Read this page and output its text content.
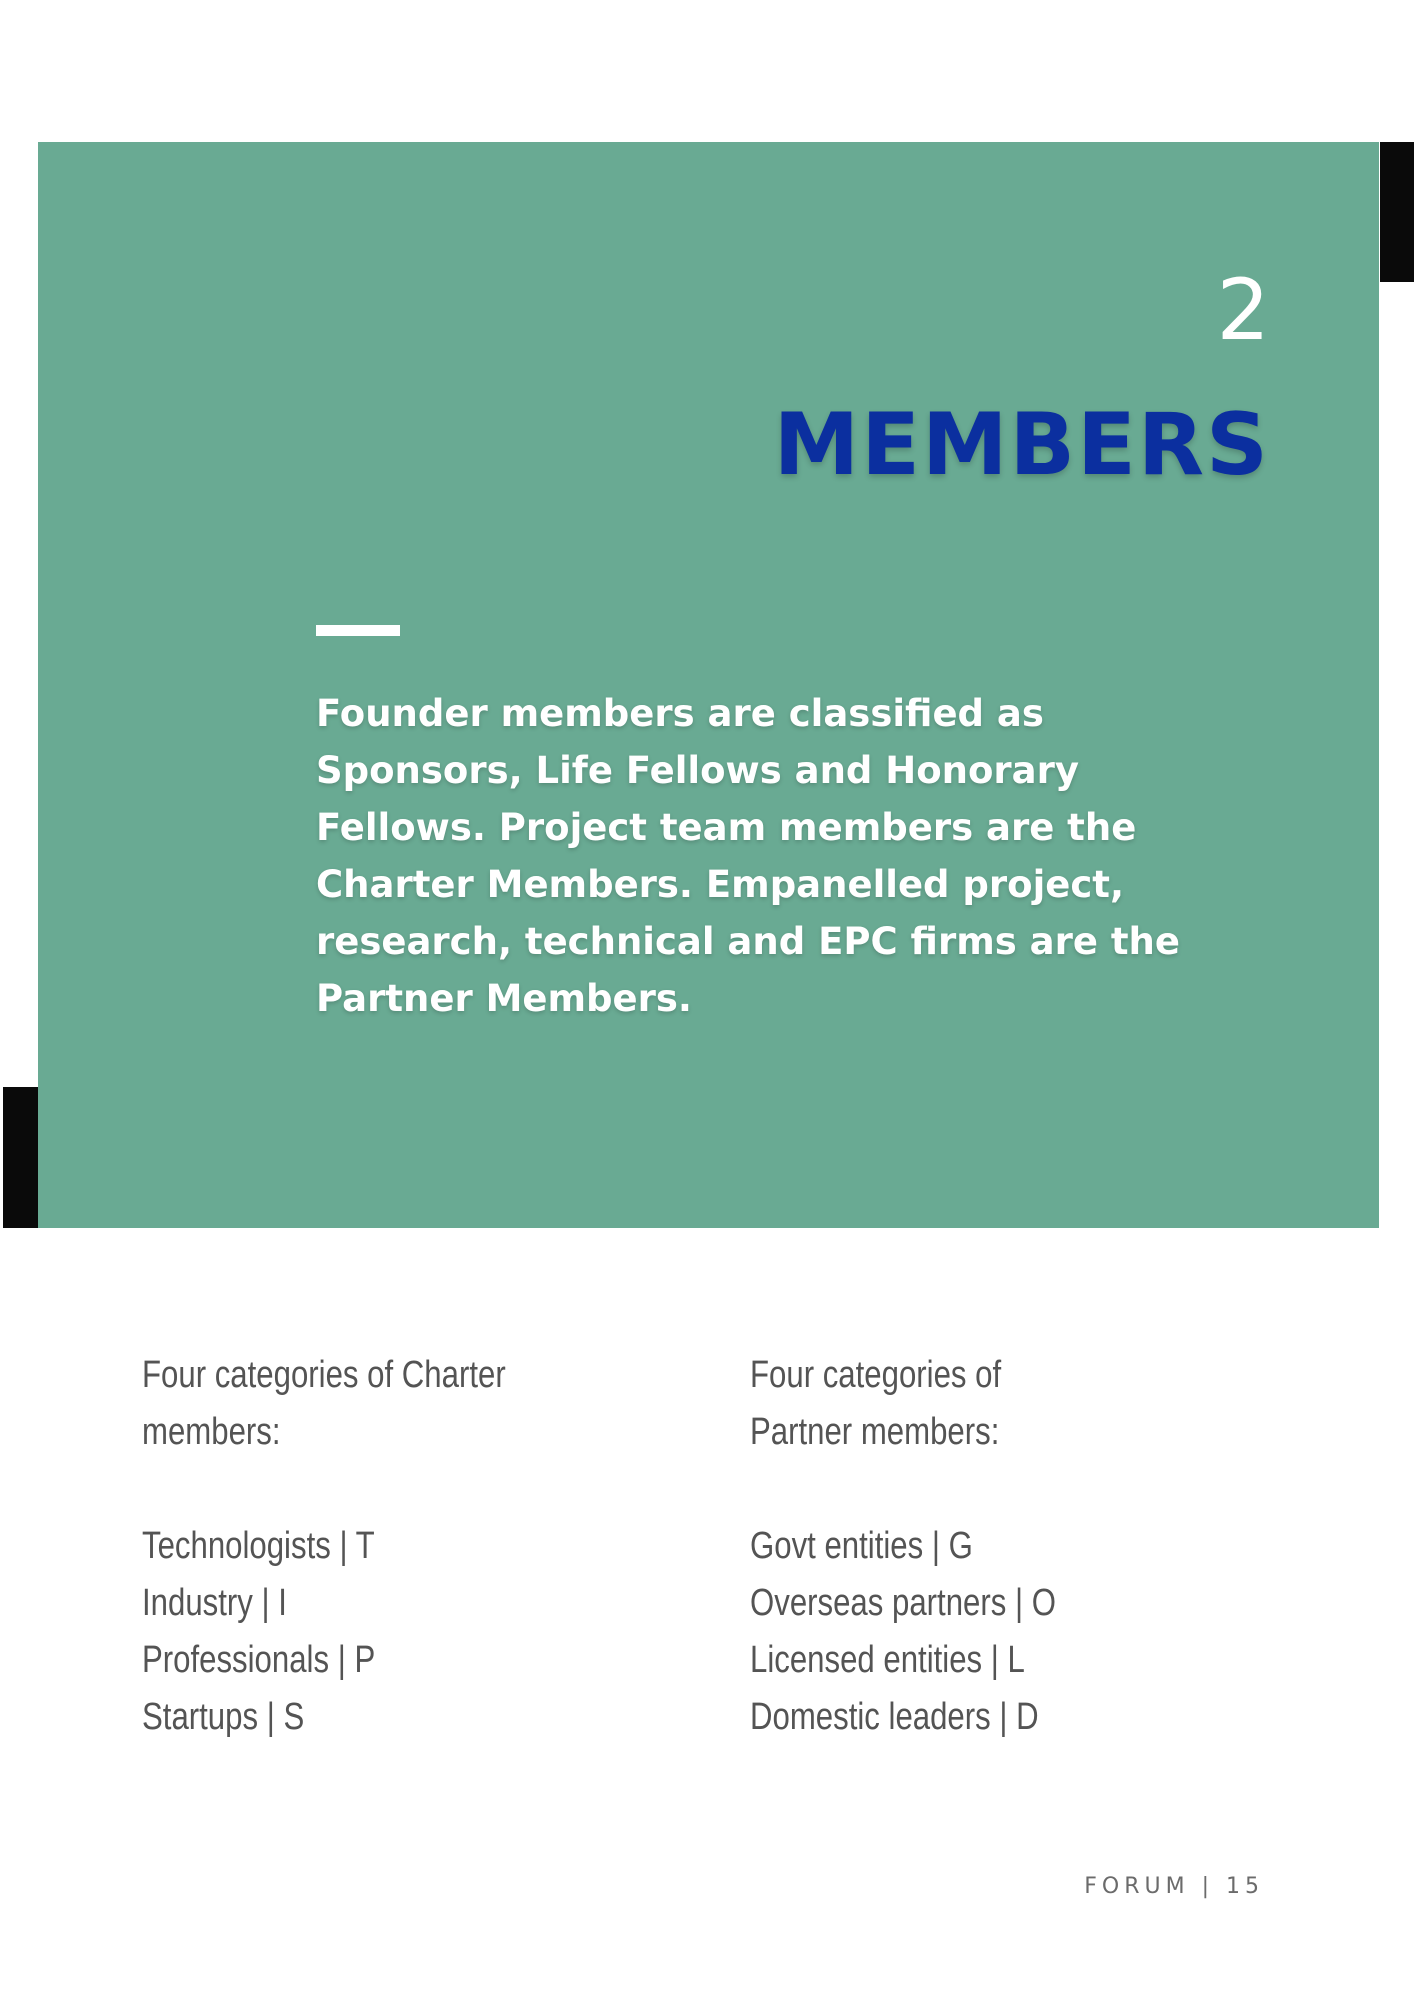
2
MEMBERS

Founder members are classified as Sponsors, Life Fellows and Honorary Fellows. Project team members are the Charter Members. Empanelled project, research, technical and EPC firms are the Partner Members.

Four categories of Charter
members:
Technologists | T
Industry | I
Professionals | P
Startups | S
Four categories of
Partner members:
Govt entities | G
Overseas partners | O
Licensed entities | L
Domestic leaders | D
FORUM | 15
